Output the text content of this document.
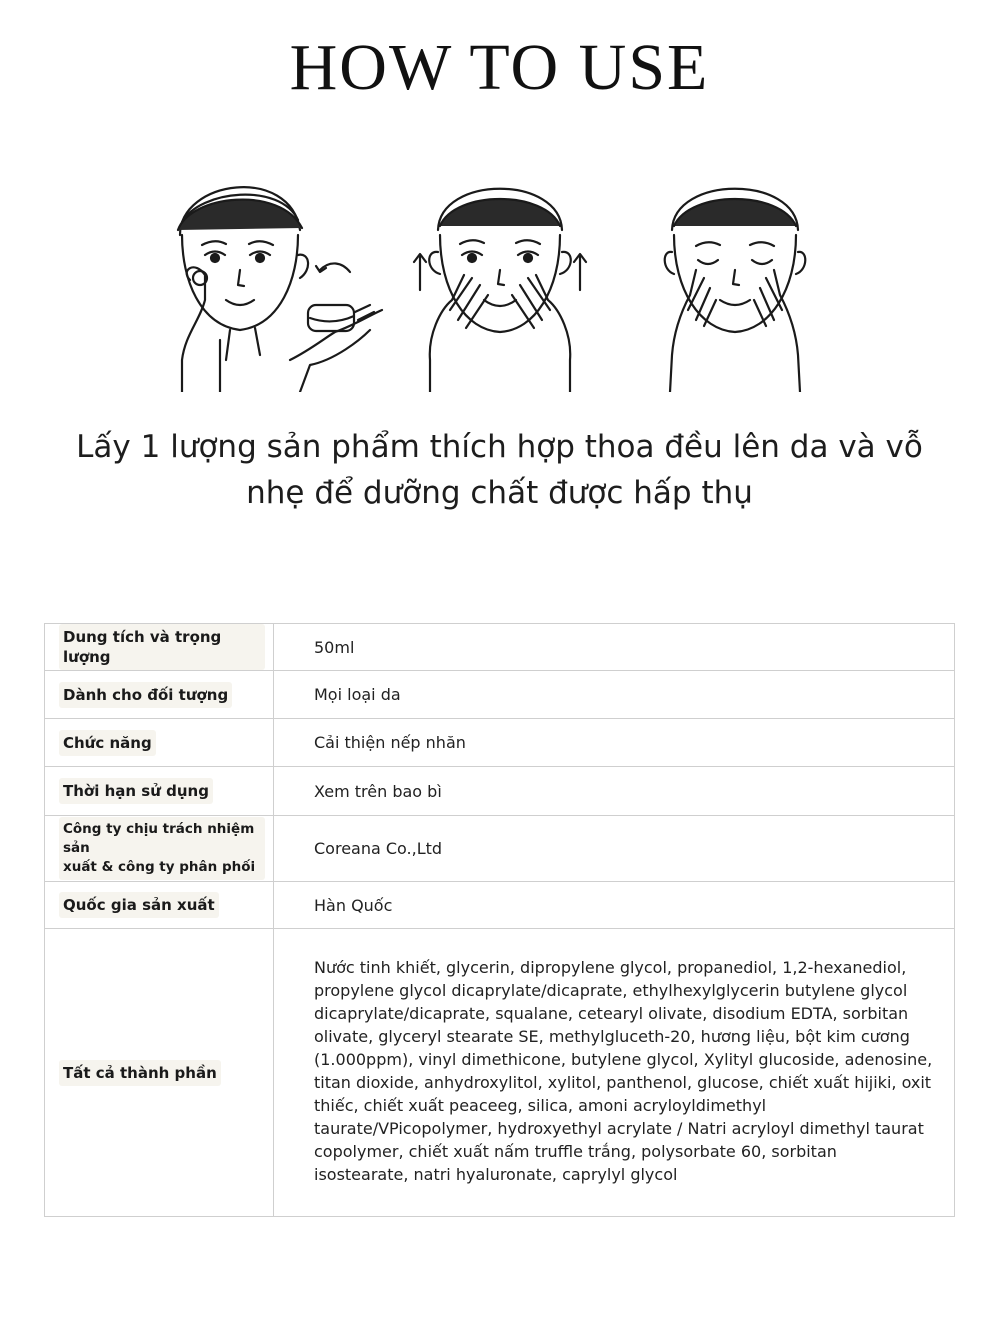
HOW TO USE
Lấy 1 lượng sản phẩm thích hợp thoa đều lên da và vỗ
nhẹ để dưỡng chất được hấp thụ
Dung tích và trọng lượng	50ml
Dành cho đối tượng	Mọi loại da
Chức năng	Cải thiện nếp nhăn
Thời hạn sử dụng	Xem trên bao bì
Công ty chịu trách nhiệm sản
xuất & công ty phân phối	Coreana Co.,Ltd
Quốc gia sản xuất	Hàn Quốc
Tất cả thành phần	Nước tinh khiết, glycerin, dipropylene glycol, propanediol, 1,2-hexanediol, propylene glycol dicaprylate/dicaprate, ethylhexylglycerin butylene glycol dicaprylate/dicaprate, squalane, cetearyl olivate, disodium EDTA, sorbitan olivate, glyceryl stearate SE, methylgluceth-20, hương liệu, bột kim cương (1.000ppm), vinyl dimethicone, butylene glycol, Xylityl glucoside, adenosine, titan dioxide, anhydroxylitol, xylitol, panthenol, glucose, chiết xuất hijiki, oxit thiếc, chiết xuất peaceeg, silica, amoni acryloyldimethyl taurate/VPicopolymer, hydroxyethyl acrylate / Natri acryloyl dimethyl taurat copolymer, chiết xuất nấm truffle trắng, polysorbate 60, sorbitan isostearate, natri hyaluronate, caprylyl glycol
